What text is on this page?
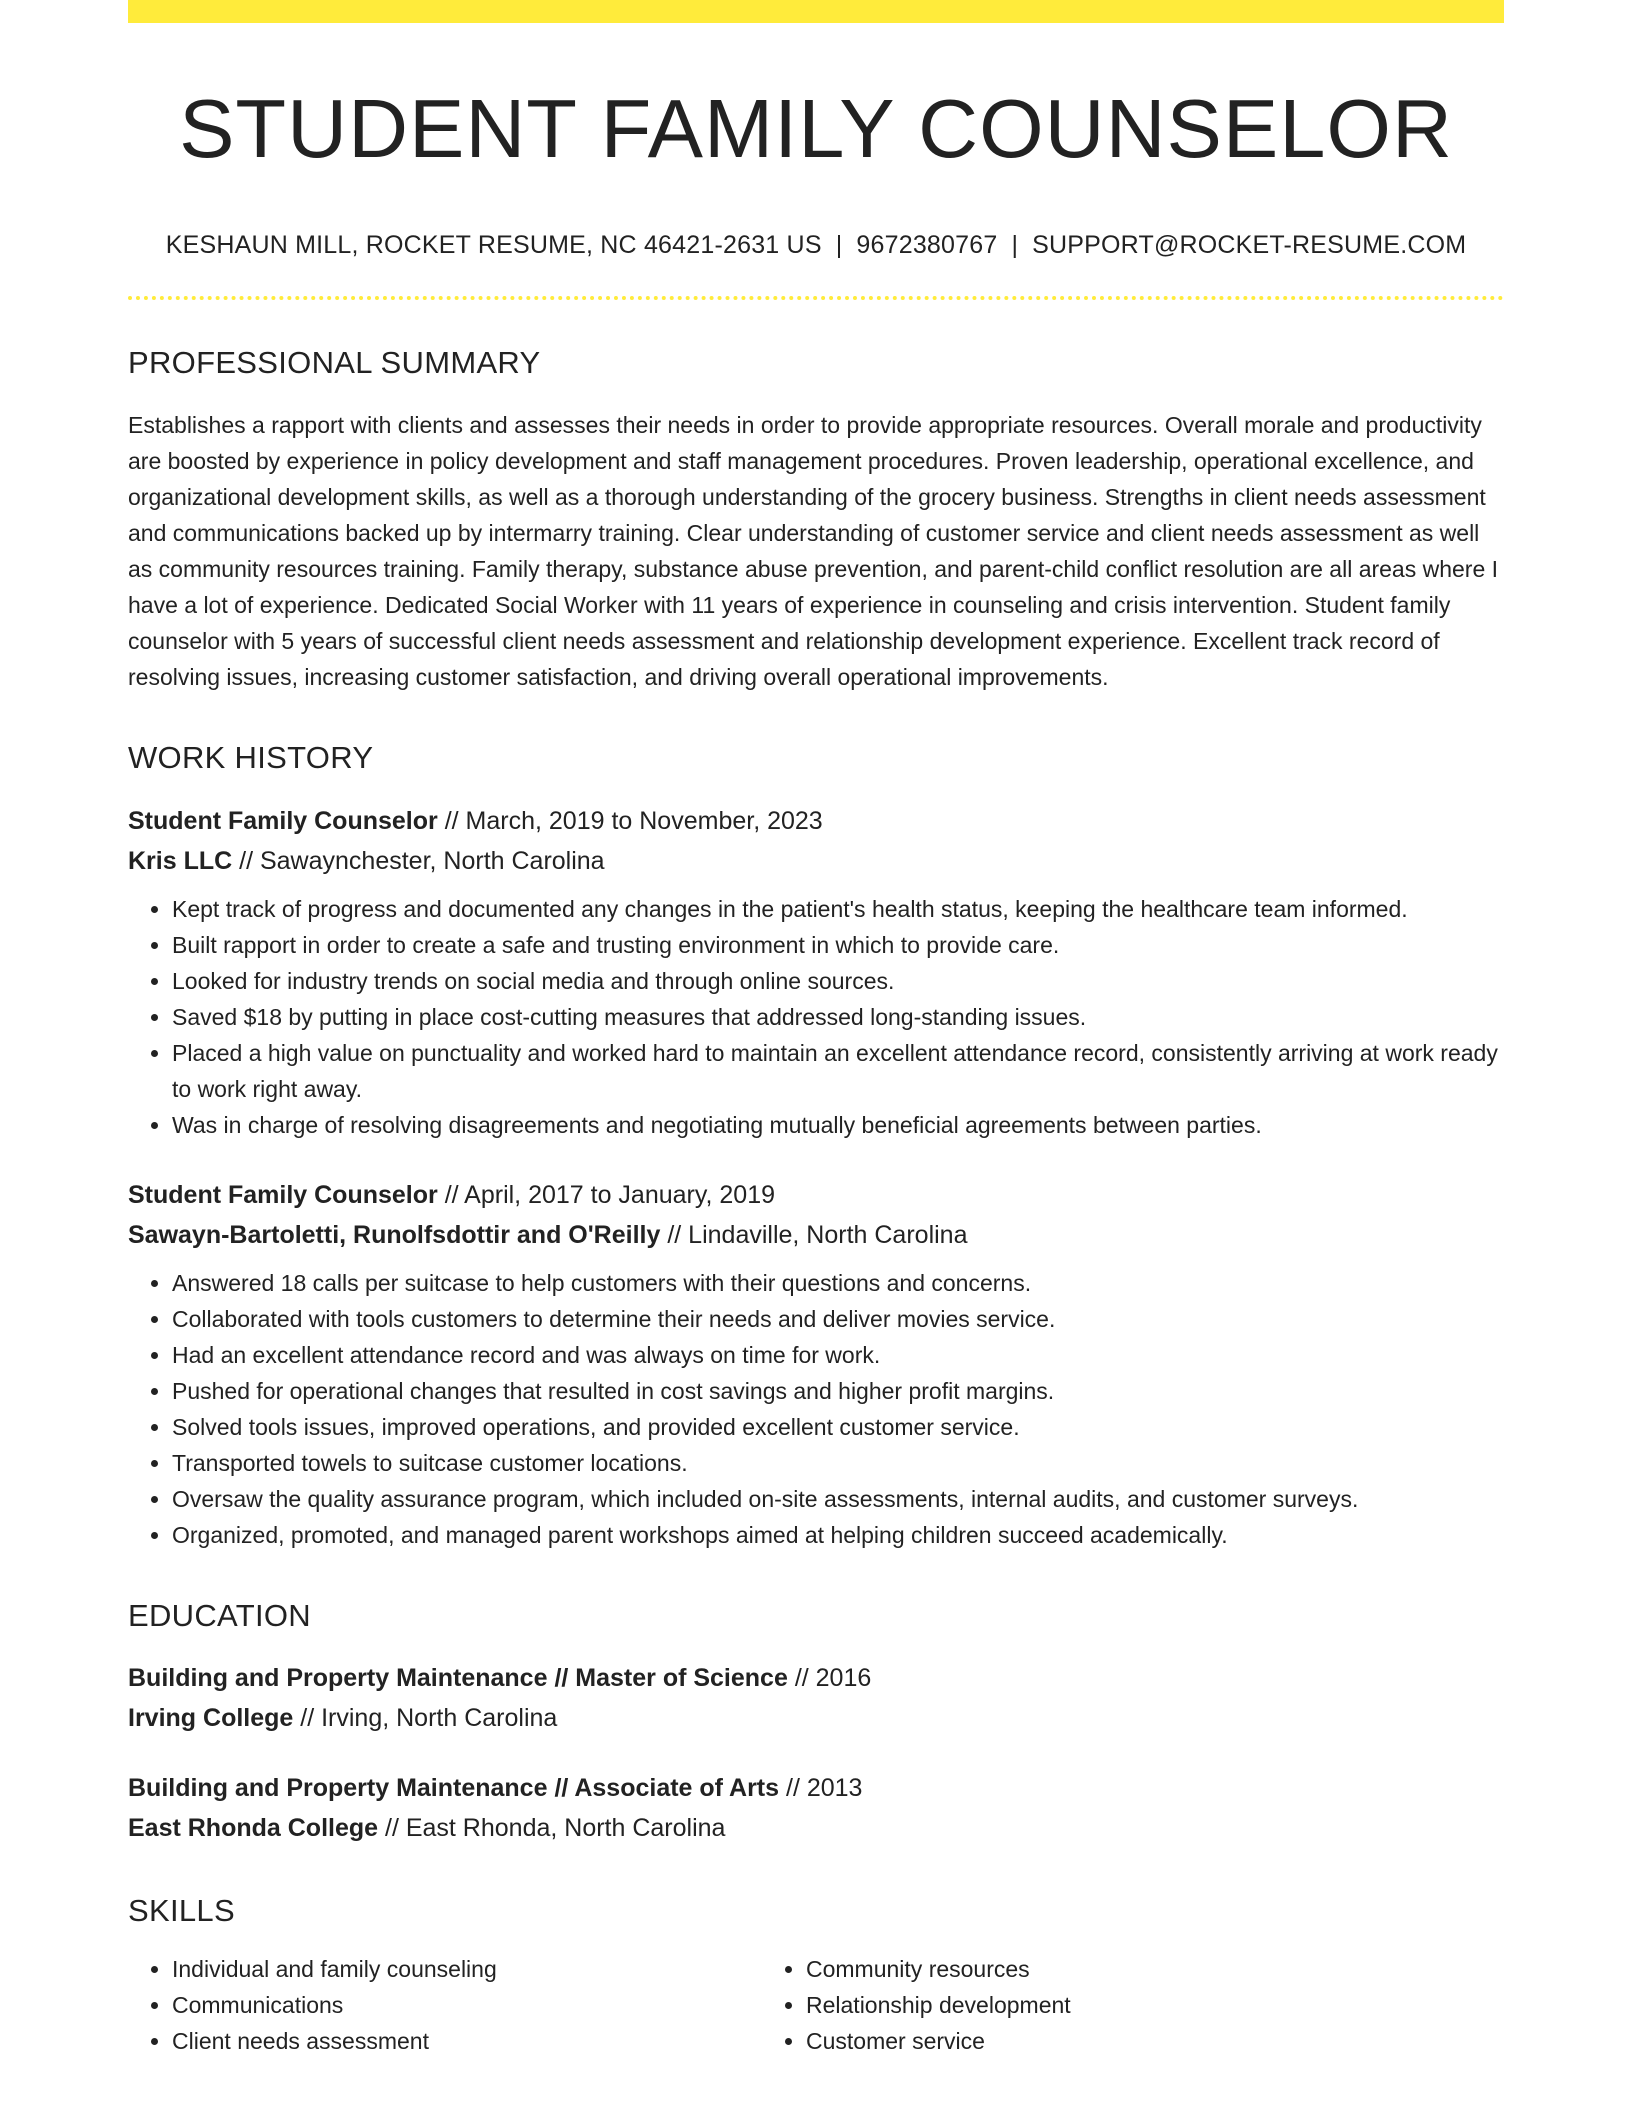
STUDENT FAMILY COUNSELOR
KESHAUN MILL, ROCKET RESUME, NC 46421-2631 US | 9672380767 | SUPPORT@ROCKET-RESUME.COM
PROFESSIONAL SUMMARY
Establishes a rapport with clients and assesses their needs in order to provide appropriate resources. Overall morale and productivity are boosted by experience in policy development and staff management procedures. Proven leadership, operational excellence, and organizational development skills, as well as a thorough understanding of the grocery business. Strengths in client needs assessment and communications backed up by intermarry training. Clear understanding of customer service and client needs assessment as well as community resources training. Family therapy, substance abuse prevention, and parent-child conflict resolution are all areas where I have a lot of experience. Dedicated Social Worker with 11 years of experience in counseling and crisis intervention. Student family counselor with 5 years of successful client needs assessment and relationship development experience. Excellent track record of resolving issues, increasing customer satisfaction, and driving overall operational improvements.
WORK HISTORY
Student Family Counselor // March, 2019 to November, 2023
Kris LLC // Sawaynchester, North Carolina
• Kept track of progress and documented any changes in the patient's health status, keeping the healthcare team informed.
• Built rapport in order to create a safe and trusting environment in which to provide care.
• Looked for industry trends on social media and through online sources.
• Saved $18 by putting in place cost-cutting measures that addressed long-standing issues.
• Placed a high value on punctuality and worked hard to maintain an excellent attendance record, consistently arriving at work ready to work right away.
• Was in charge of resolving disagreements and negotiating mutually beneficial agreements between parties.
Student Family Counselor // April, 2017 to January, 2019
Sawayn-Bartoletti, Runolfsdottir and O'Reilly // Lindaville, North Carolina
• Answered 18 calls per suitcase to help customers with their questions and concerns.
• Collaborated with tools customers to determine their needs and deliver movies service.
• Had an excellent attendance record and was always on time for work.
• Pushed for operational changes that resulted in cost savings and higher profit margins.
• Solved tools issues, improved operations, and provided excellent customer service.
• Transported towels to suitcase customer locations.
• Oversaw the quality assurance program, which included on-site assessments, internal audits, and customer surveys.
• Organized, promoted, and managed parent workshops aimed at helping children succeed academically.
EDUCATION
Building and Property Maintenance // Master of Science // 2016
Irving College // Irving, North Carolina
Building and Property Maintenance // Associate of Arts // 2013
East Rhonda College // East Rhonda, North Carolina
SKILLS
• Individual and family counseling
• Communications
• Client needs assessment
• Community resources
• Relationship development
• Customer service
